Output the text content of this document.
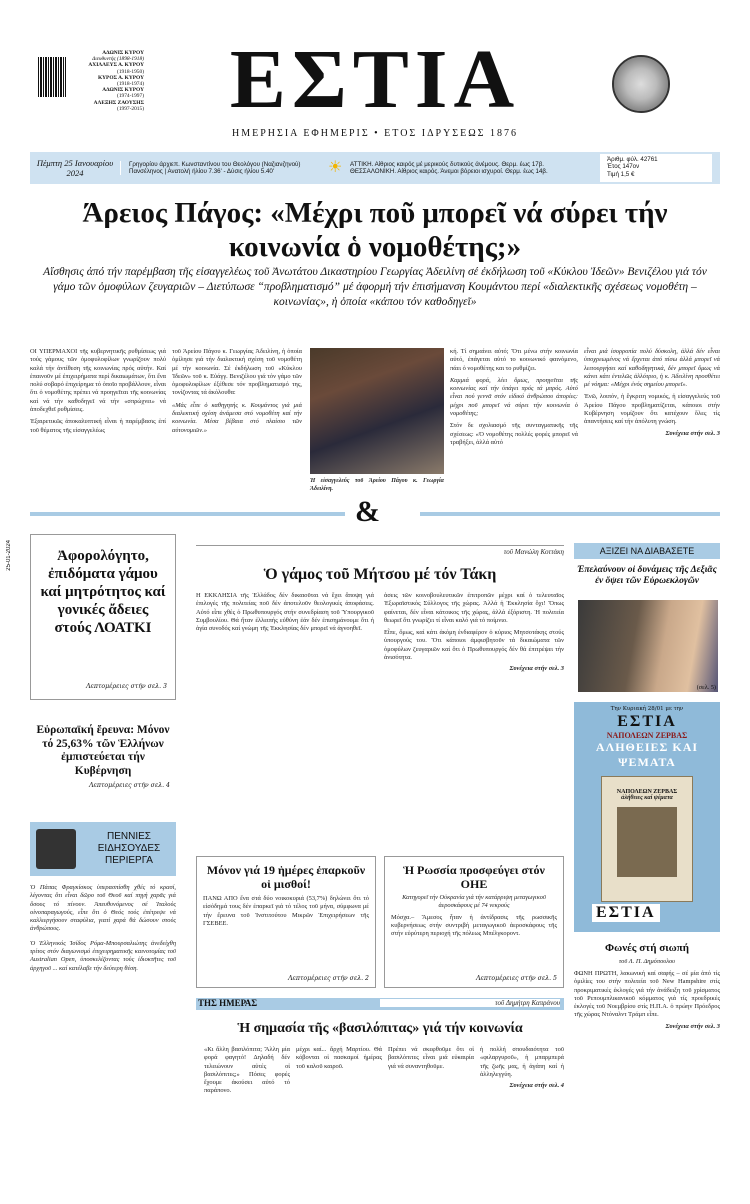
ΑΔΩΝΙΣ ΚΥΡΟΥ
Διευθυντής (1898-1918)
ΑΧΙΛΛΕΥΣ Α. ΚΥΡΟΥ
(1918-1950)
ΚΥΡΟΣ Α. ΚΥΡΟΥ
(1918-1974)
ΑΔΩΝΙΣ ΚΥΡΟΥ
(1974-1997)
ΑΛΕΞΗΣ ΖΑΟΥΣΗΣ
(1997-2015)	ΕΣΤΙΑ
ΗΜΕΡΗΣΙΑ ΕΦΗΜΕΡΙΣ • ΕΤΟΣ ΙΔΡΥΣΕΩΣ 1876
Πέμπτη 25 Ιανουαρίου 2024
Γρηγορίου άρχιεπ. Κωνσταντίνου του Θεολόγου (Ναζιανζηνού) Πανσέληνος | Ανατολή ήλίου 7.36' - Δύσις ήλίου 5.40'	☀	ΑΤΤΙΚΗ. Αίθριος καιρός μέ μερικούς δυτικούς άνέμους. Θερμ. έως 17β.
ΘΕΣΣΑΛΟΝΙΚΗ. Αίθριος καιρός. Άνεμοι βόρειοι ισχυροί. Θερμ. έως 14β.
Άριθμ. φύλ. 42761
Έτος 147ον
Τιμή 1,5 €
Άρειος Πάγος: «Μέχρι ποῦ μπορεῖ νά σύρει τήν κοινωνία ὁ νομοθέτης;»
Αἴσθησις ἀπό τήν παρέμβαση τῆς εἰσαγγελέως τοῦ Ἀνωτάτου Δικαστηρίου Γεωργίας Ἀδειλίνη σέ ἐκδήλωση τοῦ «Κύκλου Ἰδεῶν» Βενιζέλου γιά τόν γάμο τῶν ὁμοφύλων ζευγαριῶν – Διετύπωσε “προβληματισμό” μέ ἀφορμή τήν ἐπισήμανση Κουμάντου περί «διαλεκτικῆς σχέσεως νομοθέτη – κοινωνίας», ἡ ὁποία «κάπου τόν καθοδηγεῖ»
ΟΙ ΥΠΕΡΜΑΧΟΙ τῆς κυβερνητικῆς ρυθμίσεως γιά τούς γάμους τῶν ὁμοφυλοφίλων γνωρίζουν πολύ καλά τήν ἀντίθεση τῆς κοινωνίας πρός αὐτήν. Καί ἐπαινοῦν μέ ἐπιχειρήματα περί δικαιωμάτων, ὅτι ἕνα πολύ σοβαρό ἐπιχείρημα τό ὁποῖο προβάλλουν, εἶναι ὅτι ὁ νομοθέτης πρέπει νά προηγεῖται τῆς κοινωνίας καί νά τήν καθοδηγεῖ νά τήν «σπρώχνει» νά ἀποδεχθεῖ ρυθμίσεις.
Ἐξαιρετικῶς ἀποκαλυπτική εἶναι ἡ παρέμβασις ἐπί τοῦ θέματος τῆς εἰσαγγελέως
τοῦ Ἀρείου Πάγου κ. Γεωργίας Ἀδειλίνη, ἡ ὁποία ὁμίλησε γιά τήν διαλεκτική σχέση τοῦ νομοθέτη μέ τήν κοινωνία. Σέ ἐκδήλωση τοῦ «Κύκλου Ἰδεῶν» τοῦ κ. Εὐάγγ. Βενιζέλου γιά τόν γάμο τῶν ὁμοφυλοφίλων ἐξέθεσε τόν προβληματισμό της, τονίζοντας τά ἀκόλουθα:
«Μάς εἶπε ὁ καθηγητής κ. Κουμάντος γιά μιά διαλεκτική σχέση ἀνάμεσα στό νομοθέτη καί τήν κοινωνία. Μέσα βέβαια στό πλαίσιο τῶν αὐτονομιῶν.»
Ἡ εἰσαγγελεύς τοῦ Ἀρείου Πάγου κ. Γεωργία Ἀδειλίνη.
κή. Τί σημαίνει αὐτό; Ὅτι μένω στήν κοινωνία αὐτό, ἐπάγεται αὐτό το κοινωνικό φαινόμενο, πάει ὁ νομοθέτης και το ρυθμίζει.
Καμμιά φορά, λέει ὅμως, προηγεῖται τῆς κοινωνίας καί τήν ὑπάγει πρός τά μπρός. Αὐτό εἶναι πού γεννᾶ στόν εἰδικό ἀνθρώπου ἀπορίες: μέχρι ποῦ μπορεῖ νά σύρει τήν κοινωνία ὁ νομοθέτης;
Στόν δε σχολιασμό τῆς συνταγματικῆς τῆς σχέσεως: «Ὁ νομοθέτης πολλές φορές μπορεῖ νά τραβήξει, ἀλλά αὐτό
εἶναι μιά ἰσορροπία πολύ δύσκολη, ἀλλά δέν εἶναι ὑποχρεωμένος νά ἔρχεται ἀπό πίσω ἀλλά μπορεῖ νά λειτουργήσει καί καθοδηγητικά, δέν μπορεῖ ὅμως νά κάνει κάτι ἐντελῶς ἀλλότριο, ἡ κ. Ἀδειλίνη προσθέτει μέ νόημα: «Μέχρι ἐνός σημείου μπορεῖ».
Ἐνῶ, λοιπόν, ἡ ἔγκριτη νομικός, ἡ εἰσαγγελεύς τοῦ Ἀρείου Πάγου προβληματίζεται, κάποιοι στήν Κυβέρνηση νομίζουν ὅτι κατέχουν ὅλες τίς ἀπαντήσεις καί τήν ἀπόλυτη γνώση.
Συνέχεια στήν σελ. 3
&
25-01-2024	Ἀφορολόγητο, ἐπιδόματα γάμου καί μητρότητος καί γονικές ἄδειες στούς ΛΟΑΤΚΙ
Λεπτομέρειες στήν σελ. 3
Εὐρωπαϊκή ἔρευνα: Μόνον τό 25,63% τῶν Ἑλλήνων ἐμπιστεύεται τήν Κυβέρνηση
Λεπτομέρειες στήν σελ. 4
ΠΕΝΝΙΕΣ ΕΙΔΗΣΟΥΔΕΣ ΠΕΡΙΕΡΓΑ
Ὁ Πάπας Φραγκίσκος ὑπερασπίσθη χθές τό κρασί, λέγοντας ὅτι εἶναι δῶρο τοῦ Θεοῦ καί πηγή χαρᾶς γιά ὅσους τό πίνουν. Ἀπευθυνόμενος σέ Ἰταλούς οἰνοπαραγωγούς, εἶπε ὅτι ὁ Θεός τούς ἐπέτρεψε νά καλλιεργήσουν σταφύλια, γιατί χαρά θά δώσουν στούς ἀνθρώπους.
Ὁ Ἐλληνικός Ἰσίδος Ρόμα-Μπουρσαλιώτης ἀνεδείχθη τρίτος στόν διαγωνισμό ἐπιχειρηματικῆς καινοτομίας τοῦ Australian Open, ὑποσκελίζοντας τούς ἰδιοκτῆτες τοῦ ἀρχηγοῦ ... καί κατέλαβε τήν δεύτερη θέση.
τοῦ Μανώλη Κοττάκη
Ὁ γάμος τοῦ Μήτσου μέ τόν Τάκη
Η ΕΚΚΛΗΣΙΑ τῆς Ἑλλάδος δέν δικαιοῦται νά ἔχει ἄποψη γιά ἐπιλογές τῆς πολιτείας ποῦ δέν ἀποτελοῦν θεολογικές ἀποφάσεις. Αὐτό εἶπε χθές ὁ Πρωθυπουργός στήν συνεδρίαση τοῦ Ὑπουργικοῦ Συμβουλίου. Θά ἤταν ἐλλειπής εὐθύνη ἐάν δέν ἐπισημάνουμε ὅτι ἡ ἁγία συνοδός καί γνώμη τῆς Ἐκκλησίας δέν μπορεῖ νά ἀγνοηθεῖ.
ἀσεις τῶν κοινοβουλευτικῶν ἐπιτροπῶν μέχρι καί ὁ τελευταῖος Ἐξωραϊστικός Σύλλογος τῆς χώρας. Ἀλλά ἡ Ἐκκλησία ὄχι! Ὅπως φαίνεται, δέν εἶναι κάτοικος τῆς χώρας, ἀλλά ἐξόριστη. Ἡ πολιτεία θεωρεῖ ὅτι γνωρίζει τί εἶναι καλό γιά τό ποίμνιο.
Εἶπε, ὅμως, καί κάτι ἀκόμη ἐνδιαφέρον ὁ κύριος Μητσοτάκης στούς ὑπουργούς του. Ὅτι κάποιοι ἀμφισβητοῦν τά δικαιώματα τῶν ὁμοφύλων ζευγαριῶν καί ὅτι ὁ Πρωθυπουργός δέν θά ἐπιτρέψει τήν ἀνισότητα.
Συνέχεια στήν σελ. 3
Μόνον γιά 19 ἡμέρες ἐπαρκοῦν οἱ μισθοί!
ΠΑΝΩ ΑΠΟ ἕνα στά δύο νοικοκυριά (53,7%) δηλώνει ὅτι τό εἰσόδημά τους δέν ἐπαρκεῖ γιά τό τέλος τοῦ μήνα, σύμφωνα μέ τήν ἔρευνα τοῦ Ἰνστιτούτου Μικρῶν Ἐπιχειρήσεων τῆς ΓΣΕΒΕΕ.
Λεπτομέρειες στήν σελ. 2
Ἡ Ρωσσία προσφεύγει στόν ΟΗΕ
Κατηγορεῖ τήν Οὐκρανία γιά τήν κατάρριψη μεταγωγικοῦ ἀεροσκάφους μέ 74 νεκρούς
Μόσχα.– Ἄμεσος ἦταν ἡ ἀντίδρασις τῆς ρωσσικῆς κυβερνήσεως στήν συντριβή μεταγωγικοῦ ἀεροσκάφους τῆς στήν εὐρύτερη περιοχή τῆς πόλεως Μπέλγκοροντ.
Λεπτομέρειες στήν σελ. 5
ΤΗΣ ΗΜΕΡΑΣ	τοῦ Δημήτρη Καπράνου
Ἡ σημασία τῆς «βασιλόπιτας» γιά τήν κοινωνία
«Κι ἄλλη βασιλόπιτα; Ἄλλη μία φορά φαγητό! Δηλαδή δέν τελειώνουν αὐτές οἱ βασιλόπιτες;» Πόσες φορές ἔχουμε ἀκούσει αὐτό τό παράπονο.
μέχρι καί... ἄρχή Μαρτίου. Θά κόβονται οἱ πασκαμοί ἡμέρας τοῦ καλοῦ καιροῦ.
Πρέπει νά σκεφθοῦμε ὅτι οἱ βασιλόπιτες εἶναι μιά εὐκαιρία γιά νά συναντηθοῦμε.
ἡ πολλή σπουδαιότητα τοῦ «φιλαργυροῦ», ἡ μπαρμπερά τῆς ζωῆς μας, ἡ ἀγάπη καί ἡ ἀλληλεγγύη.
Συνέχεια στήν σελ. 4
ΑΞΙΖΕΙ ΝΑ ΔΙΑΒΑΣΕΤΕ
Ἐπελαύνουν οἱ δυνάμεις τῆς Δεξιᾶς ἐν ὄψει τῶν Εὐρωεκλογῶν
(σελ. 5)
Την Κυριακή 28/01 με την
ΕΣΤΙΑ
ΝΑΠΟΛΕΩΝ ΖΕΡΒΑΣ
ΑΛΗΘΕΙΕΣ ΚΑΙ ΨΕΜΑΤΑ
ΝΑΠΟΛΕΩΝ ΖΕΡΒΑΣ
ἀλήθειες καί ψέματα
ΕΣΤΙΑ
Φωνές στή σιωπή
τοῦ Λ. Π. Δημόπουλου
ΦΩΝΗ ΠΡΩΤΗ, λακωνική καί σαφής – σέ μία ἀπό τίς ὁμιλίες του στήν πολιτεία τοῦ New Hampshire στίς προκριματικές ἐκλογές γιά τήν ἀνάδειξη τοῦ χρίσματος τοῦ Ρεπουμπλικανικοῦ κόμματος γιά τίς προεδρικές ἐκλογές τοῦ Νοεμβρίου στίς Η.Π.Α. ὁ πρώην Πρόεδρος τῆς χώρας Ντόναλντ Τράμπ εἶπε.
Συνέχεια στήν σελ. 3
